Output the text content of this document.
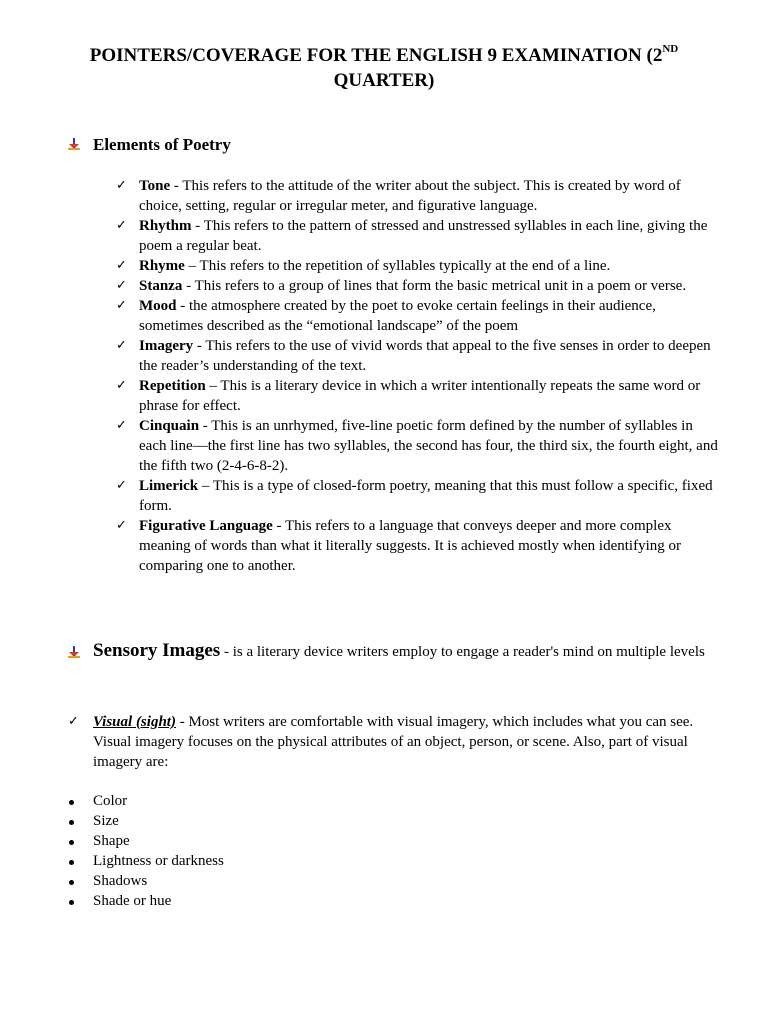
POINTERS/COVERAGE FOR THE ENGLISH 9 EXAMINATION (2ND
QUARTER)
Elements of Poetry
✓ Tone - This refers to the attitude of the writer about the subject. This is created by word of choice, setting, regular or irregular meter, and figurative language.
✓ Rhythm - This refers to the pattern of stressed and unstressed syllables in each line, giving the poem a regular beat.
✓ Rhyme – This refers to the repetition of syllables typically at the end of a line.
✓ Stanza - This refers to a group of lines that form the basic metrical unit in a poem or verse.
✓ Mood - the atmosphere created by the poet to evoke certain feelings in their audience, sometimes described as the “emotional landscape” of the poem
✓ Imagery - This refers to the use of vivid words that appeal to the five senses in order to deepen the reader’s understanding of the text.
✓ Repetition – This is a literary device in which a writer intentionally repeats the same word or phrase for effect.
✓ Cinquain - This is an unrhymed, five-line poetic form defined by the number of syllables in each line—the first line has two syllables, the second has four, the third six, the fourth eight, and the fifth two (2-4-6-8-2).
✓ Limerick – This is a type of closed-form poetry, meaning that this must follow a specific, fixed form.
✓ Figurative Language - This refers to a language that conveys deeper and more complex meaning of words than what it literally suggests. It is achieved mostly when identifying or comparing one to another.
Sensory Images - is a literary device writers employ to engage a reader's mind on multiple levels
✓ Visual (sight) - Most writers are comfortable with visual imagery, which includes what you can see. Visual imagery focuses on the physical attributes of an object, person, or scene. Also, part of visual imagery are:
Color
Size
Shape
Lightness or darkness
Shadows
Shade or hue
